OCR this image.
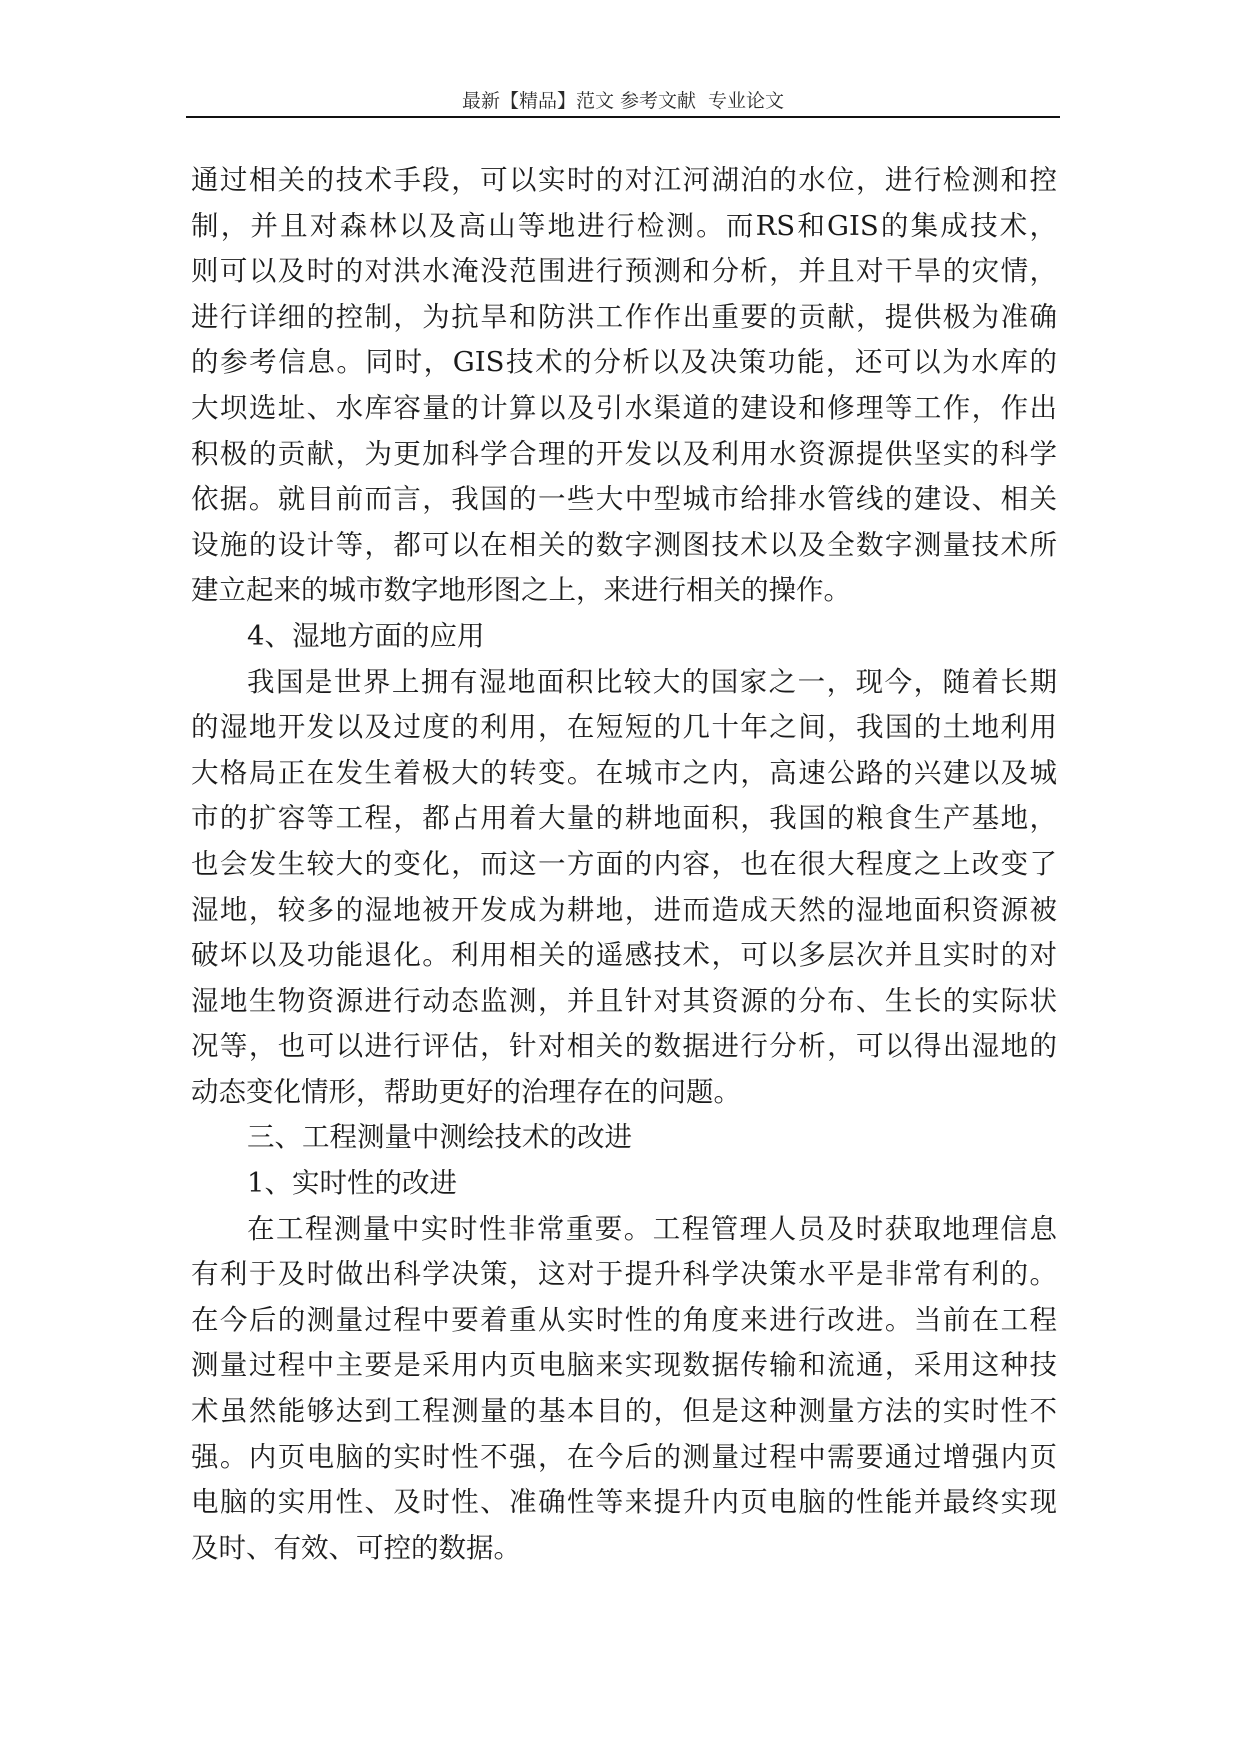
最新【精品】范文 参考文献  专业论文
通过相关的技术手段，可以实时的对江河湖泊的水位，进行检测和控
制，并且对森林以及高山等地进行检测。而RS和GIS的集成技术，
则可以及时的对洪水淹没范围进行预测和分析，并且对干旱的灾情，
进行详细的控制，为抗旱和防洪工作作出重要的贡献，提供极为准确
的参考信息。同时，GIS技术的分析以及决策功能，还可以为水库的
大坝选址、水库容量的计算以及引水渠道的建设和修理等工作，作出
积极的贡献，为更加科学合理的开发以及利用水资源提供坚实的科学
依据。就目前而言，我国的一些大中型城市给排水管线的建设、相关
设施的设计等，都可以在相关的数字测图技术以及全数字测量技术所
建立起来的城市数字地形图之上，来进行相关的操作。
4、湿地方面的应用
我国是世界上拥有湿地面积比较大的国家之一，现今，随着长期
的湿地开发以及过度的利用，在短短的几十年之间，我国的土地利用
大格局正在发生着极大的转变。在城市之内，高速公路的兴建以及城
市的扩容等工程，都占用着大量的耕地面积，我国的粮食生产基地，
也会发生较大的变化，而这一方面的内容，也在很大程度之上改变了
湿地，较多的湿地被开发成为耕地，进而造成天然的湿地面积资源被
破坏以及功能退化。利用相关的遥感技术，可以多层次并且实时的对
湿地生物资源进行动态监测，并且针对其资源的分布、生长的实际状
况等，也可以进行评估，针对相关的数据进行分析，可以得出湿地的
动态变化情形，帮助更好的治理存在的问题。
三、工程测量中测绘技术的改进
1、实时性的改进
在工程测量中实时性非常重要。工程管理人员及时获取地理信息
有利于及时做出科学决策，这对于提升科学决策水平是非常有利的。
在今后的测量过程中要着重从实时性的角度来进行改进。当前在工程
测量过程中主要是采用内页电脑来实现数据传输和流通，采用这种技
术虽然能够达到工程测量的基本目的，但是这种测量方法的实时性不
强。内页电脑的实时性不强，在今后的测量过程中需要通过增强内页
电脑的实用性、及时性、准确性等来提升内页电脑的性能并最终实现
及时、有效、可控的数据。
